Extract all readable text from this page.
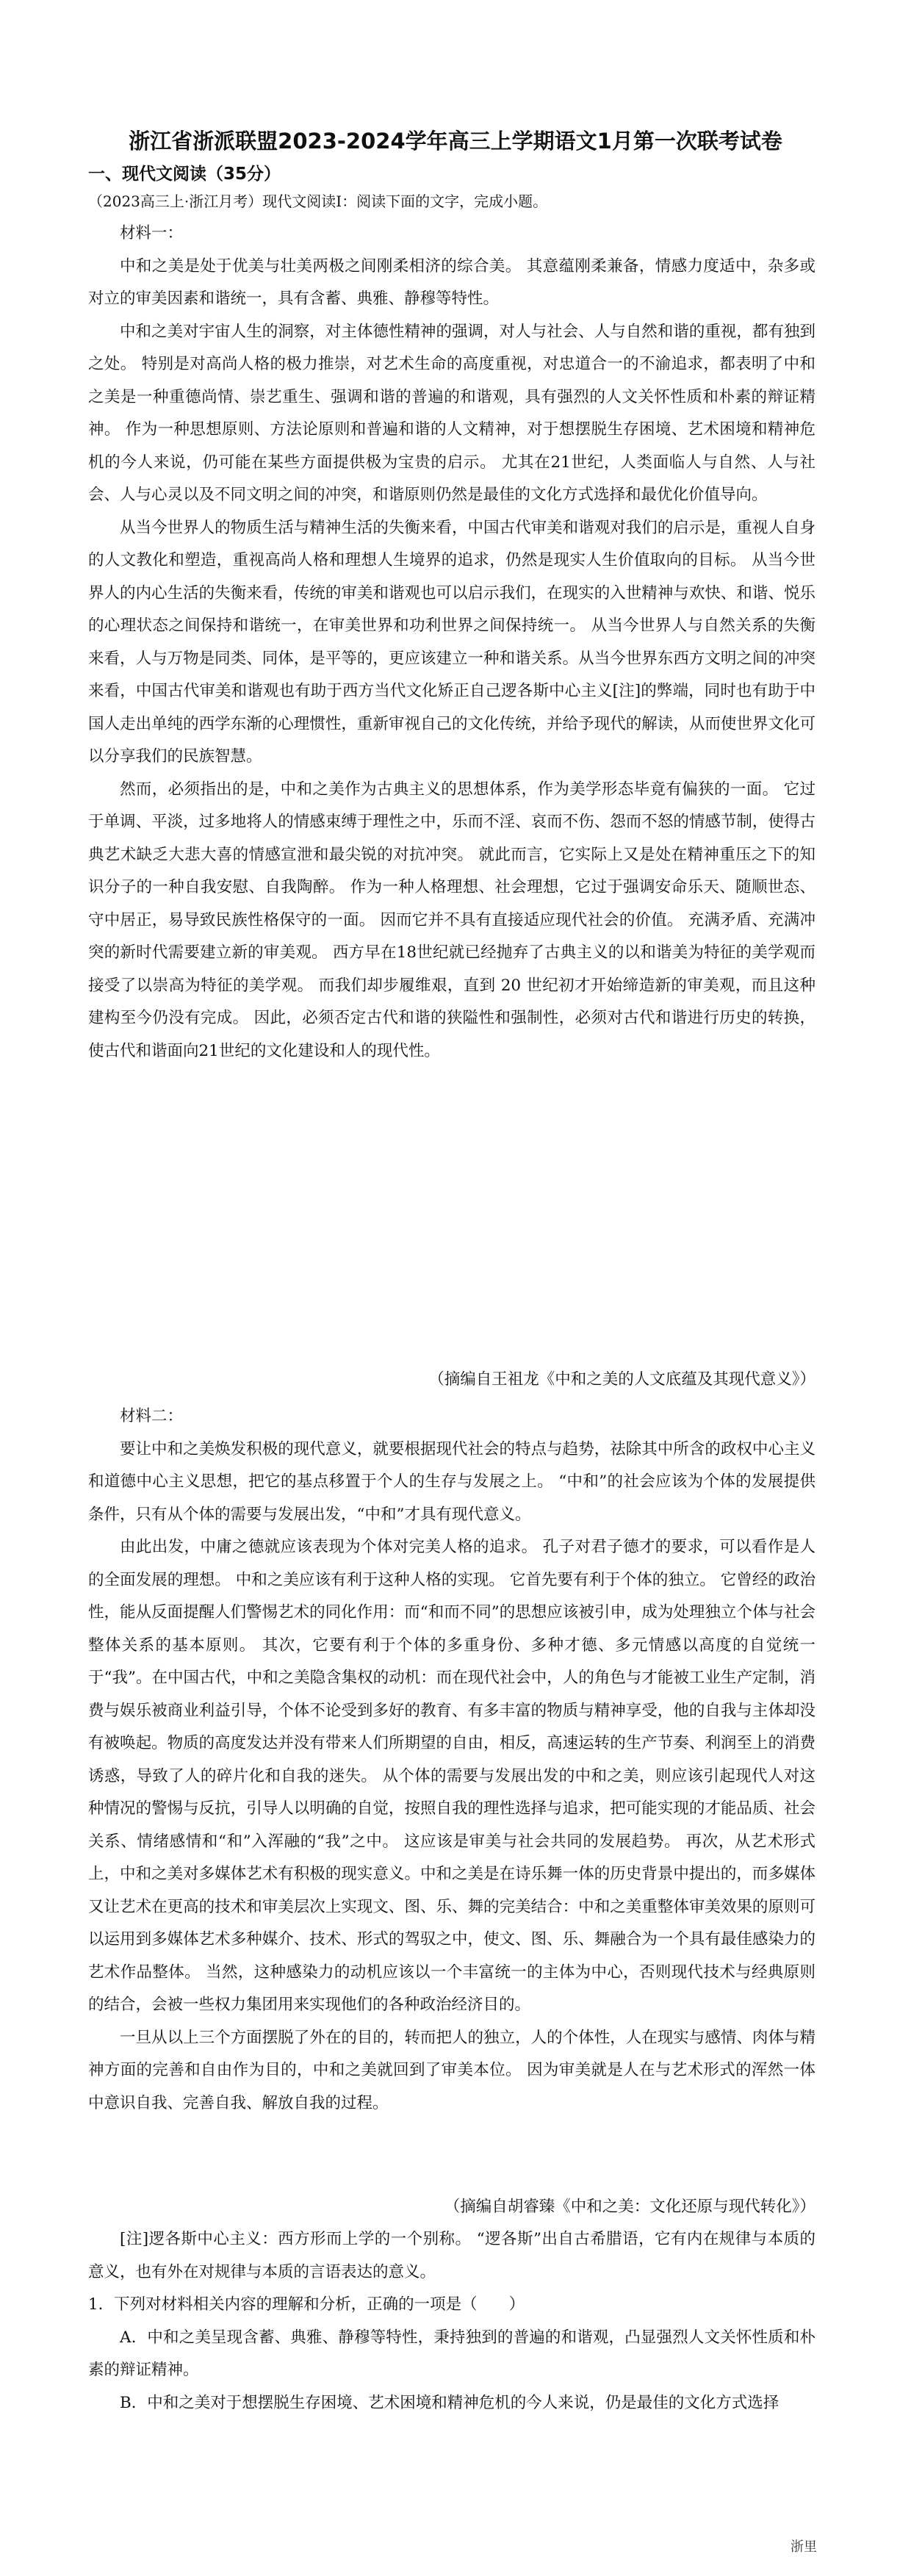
浙江省浙派联盟2023-2024学年高三上学期语文1月第一次联考试卷
一、现代文阅读（35分）
（2023高三上·浙江月考）现代文阅读Ⅰ：阅读下面的文字，完成小题。

材料一：

中和之美是处于优美与壮美两极之间刚柔相济的综合美。 其意蕴刚柔兼备，情感力度适中，杂多或对立的审美因素和谐统一，具有含蓄、典雅、静穆等特性。

中和之美对宇宙人生的洞察，对主体德性精神的强调，对人与社会、人与自然和谐的重视，都有独到之处。 特别是对高尚人格的极力推崇，对艺术生命的高度重视，对忠道合一的不渝追求，都表明了中和之美是一种重德尚情、崇艺重生、强调和谐的普遍的和谐观，具有强烈的人文关怀性质和朴素的辩证精神。 作为一种思想原则、方法论原则和普遍和谐的人文精神，对于想摆脱生存困境、艺术困境和精神危机的今人来说，仍可能在某些方面提供极为宝贵的启示。 尤其在21世纪，人类面临人与自然、人与社会、人与心灵以及不同文明之间的冲突，和谐原则仍然是最佳的文化方式选择和最优化价值导向。

从当今世界人的物质生活与精神生活的失衡来看，中国古代审美和谐观对我们的启示是，重视人自身的人文教化和塑造，重视高尚人格和理想人生境界的追求，仍然是现实人生价值取向的目标。 从当今世界人的内心生活的失衡来看，传统的审美和谐观也可以启示我们，在现实的入世精神与欢快、和谐、悦乐的心理状态之间保持和谐统一，在审美世界和功利世界之间保持统一。 从当今世界人与自然关系的失衡来看，人与万物是同类、同体，是平等的，更应该建立一种和谐关系。从当今世界东西方文明之间的冲突来看，中国古代审美和谐观也有助于西方当代文化矫正自己逻各斯中心主义[注]的弊端，同时也有助于中国人走出单纯的西学东渐的心理惯性，重新审视自己的文化传统，并给予现代的解读，从而使世界文化可以分享我们的民族智慧。

然而，必须指出的是，中和之美作为古典主义的思想体系，作为美学形态毕竟有偏狭的一面。 它过于单调、平淡，过多地将人的情感束缚于理性之中，乐而不淫、哀而不伤、怨而不怒的情感节制，使得古典艺术缺乏大悲大喜的情感宣泄和最尖锐的对抗冲突。 就此而言，它实际上又是处在精神重压之下的知识分子的一种自我安慰、自我陶醉。 作为一种人格理想、社会理想，它过于强调安命乐天、随顺世态、守中居正，易导致民族性格保守的一面。 因而它并不具有直接适应现代社会的价值。 充满矛盾、充满冲突的新时代需要建立新的审美观。 西方早在18世纪就已经抛弃了古典主义的以和谐美为特征的美学观而接受了以崇高为特征的美学观。 而我们却步履维艰，直到 20 世纪初才开始缔造新的审美观，而且这种建构至今仍没有完成。 因此，必须否定古代和谐的狭隘性和强制性，必须对古代和谐进行历史的转换，使古代和谐面向21世纪的文化建设和人的现代性。

（摘编自王祖龙《中和之美的人文底蕴及其现代意义》）

材料二：

要让中和之美焕发积极的现代意义，就要根据现代社会的特点与趋势，祛除其中所含的政权中心主义和道德中心主义思想，把它的基点移置于个人的生存与发展之上。 “中和”的社会应该为个体的发展提供条件，只有从个体的需要与发展出发，“中和”才具有现代意义。

由此出发，中庸之德就应该表现为个体对完美人格的追求。 孔子对君子德才的要求，可以看作是人的全面发展的理想。 中和之美应该有利于这种人格的实现。 它首先要有利于个体的独立。 它曾经的政治性，能从反面提醒人们警惕艺术的同化作用：而“和而不同”的思想应该被引申，成为处理独立个体与社会整体关系的基本原则。 其次，它要有利于个体的多重身份、多种才德、多元情感以高度的自觉统一于“我”。在中国古代，中和之美隐含集权的动机：而在现代社会中，人的角色与才能被工业生产定制，消费与娱乐被商业利益引导，个体不论受到多好的教育、有多丰富的物质与精神享受，他的自我与主体却没有被唤起。物质的高度发达并没有带来人们所期望的自由，相反，高速运转的生产节奏、利润至上的消费诱惑，导致了人的碎片化和自我的迷失。 从个体的需要与发展出发的中和之美，则应该引起现代人对这种情况的警惕与反抗，引导人以明确的自觉，按照自我的理性选择与追求，把可能实现的才能品质、社会关系、情绪感情和“和”入浑融的“我”之中。 这应该是审美与社会共同的发展趋势。 再次，从艺术形式上，中和之美对多媒体艺术有积极的现实意义。中和之美是在诗乐舞一体的历史背景中提出的，而多媒体又让艺术在更高的技术和审美层次上实现文、图、乐、舞的完美结合：中和之美重整体审美效果的原则可以运用到多媒体艺术多种媒介、技术、形式的驾驭之中，使文、图、乐、舞融合为一个具有最佳感染力的艺术作品整体。 当然，这种感染力的动机应该以一个丰富统一的主体为中心，否则现代技术与经典原则的结合，会被一些权力集团用来实现他们的各种政治经济目的。

一旦从以上三个方面摆脱了外在的目的，转而把人的独立，人的个体性，人在现实与感情、肉体与精神方面的完善和自由作为目的，中和之美就回到了审美本位。 因为审美就是人在与艺术形式的浑然一体中意识自我、完善自我、解放自我的过程。

（摘编自胡睿臻《中和之美：文化还原与现代转化》）

[注]逻各斯中心主义：西方形而上学的一个别称。 “逻各斯”出自古希腊语，它有内在规律与本质的意义，也有外在对规律与本质的言语表达的意义。

1．下列对材料相关内容的理解和分析，正确的一项是（　　）

A．中和之美呈现含蓄、典雅、静穆等特性，秉持独到的普遍的和谐观，凸显强烈人文关怀性质和朴素的辩证精神。

B．中和之美对于想摆脱生存困境、艺术困境和精神危机的今人来说，仍是最佳的文化方式选择

浙里
